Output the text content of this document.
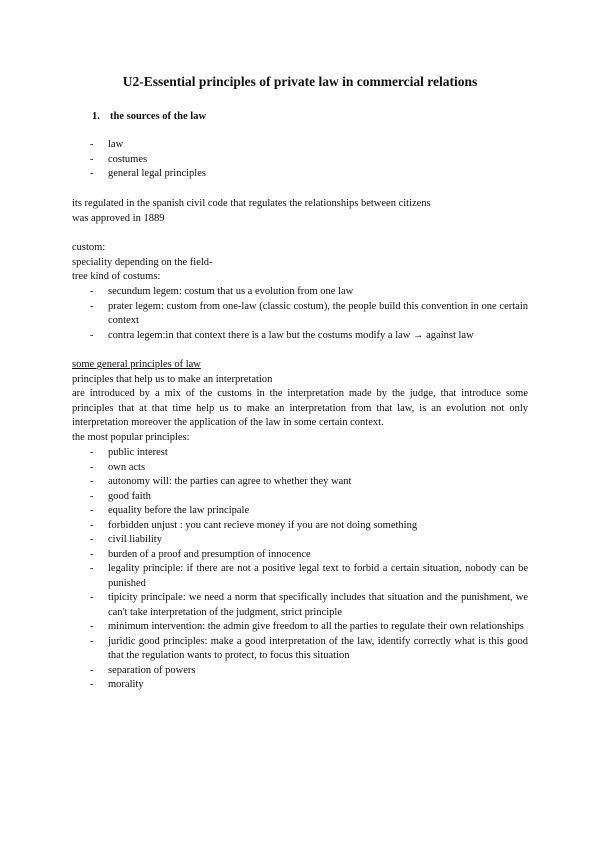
U2-Essential principles of private law in commercial relations
1. the sources of the law
- law
- costumes
- general legal principles
its regulated in the spanish civil code that regulates the relationships between citizens
was approved in 1889
custom:
speciality depending on the field-
tree kind of costums:
- secundum legem: costum that us a evolution from one law
- prater legem: custom from one-law (classic costum), the people build this convention in one certain context
- contra legem:in that context there is a law but the costums modify a law → against law
some general principles of law
principles that help us to make an interpretation
are introduced by a mix of the customs in the interpretation made by the judge, that introduce some principles that at that time help us to make an interpretation from that law, is an evolution not only interpretation moreover the application of the law in some certain context.
the most popular principles:
- public interest
- own acts
- autonomy will: the parties can agree to whether they want
- good faith
- equality before the law principale
- forbidden unjust : you cant recieve money if you are not doing something
- civil liability
- burden of a proof and presumption of innocence
- legality principle: if there are not a positive legal text to forbid a certain situation, nobody can be punished
- tipicity principale: we need a norm that specifically includes that situation and the punishment, we can't take interpretation of the judgment, strict principle
- minimum intervention: the admin give freedom to all the parties to regulate their own relationships
- juridic good principles: make a good interpretation of the law, identify correctly what is this good that the regulation wants to protect, to focus this situation
- separation of powers
- morality
